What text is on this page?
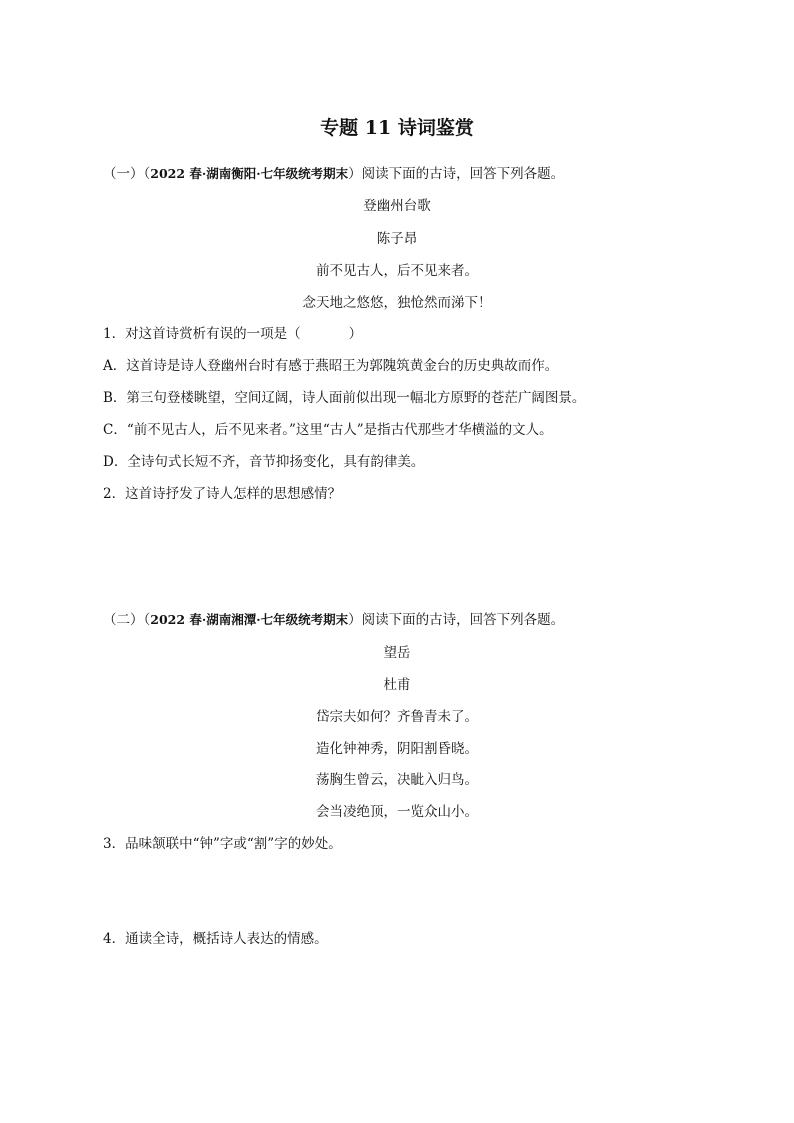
专题 11 诗词鉴赏
（一）（2022 春·湖南衡阳·七年级统考期末）阅读下面的古诗，回答下列各题。
登幽州台歌
陈子昂
前不见古人，后不见来者。
念天地之悠悠，独怆然而涕下！
1．对这首诗赏析有误的一项是（	）
A．这首诗是诗人登幽州台时有感于燕昭王为郭隗筑黄金台的历史典故而作。
B．第三句登楼眺望，空间辽阔，诗人面前似出现一幅北方原野的苍茫广阔图景。
C．“前不见古人，后不见来者。”这里“古人”是指古代那些才华横溢的文人。
D．全诗句式长短不齐，音节抑扬变化，具有韵律美。
2．这首诗抒发了诗人怎样的思想感情？
（二）（2022 春·湖南湘潭·七年级统考期末）阅读下面的古诗，回答下列各题。
望岳
杜甫
岱宗夫如何？齐鲁青未了。
造化钟神秀，阴阳割昏晓。
荡胸生曾云，决眦入归鸟。
会当凌绝顶，一览众山小。
3．品味颔联中“钟”字或“割”字的妙处。
4．通读全诗，概括诗人表达的情感。
